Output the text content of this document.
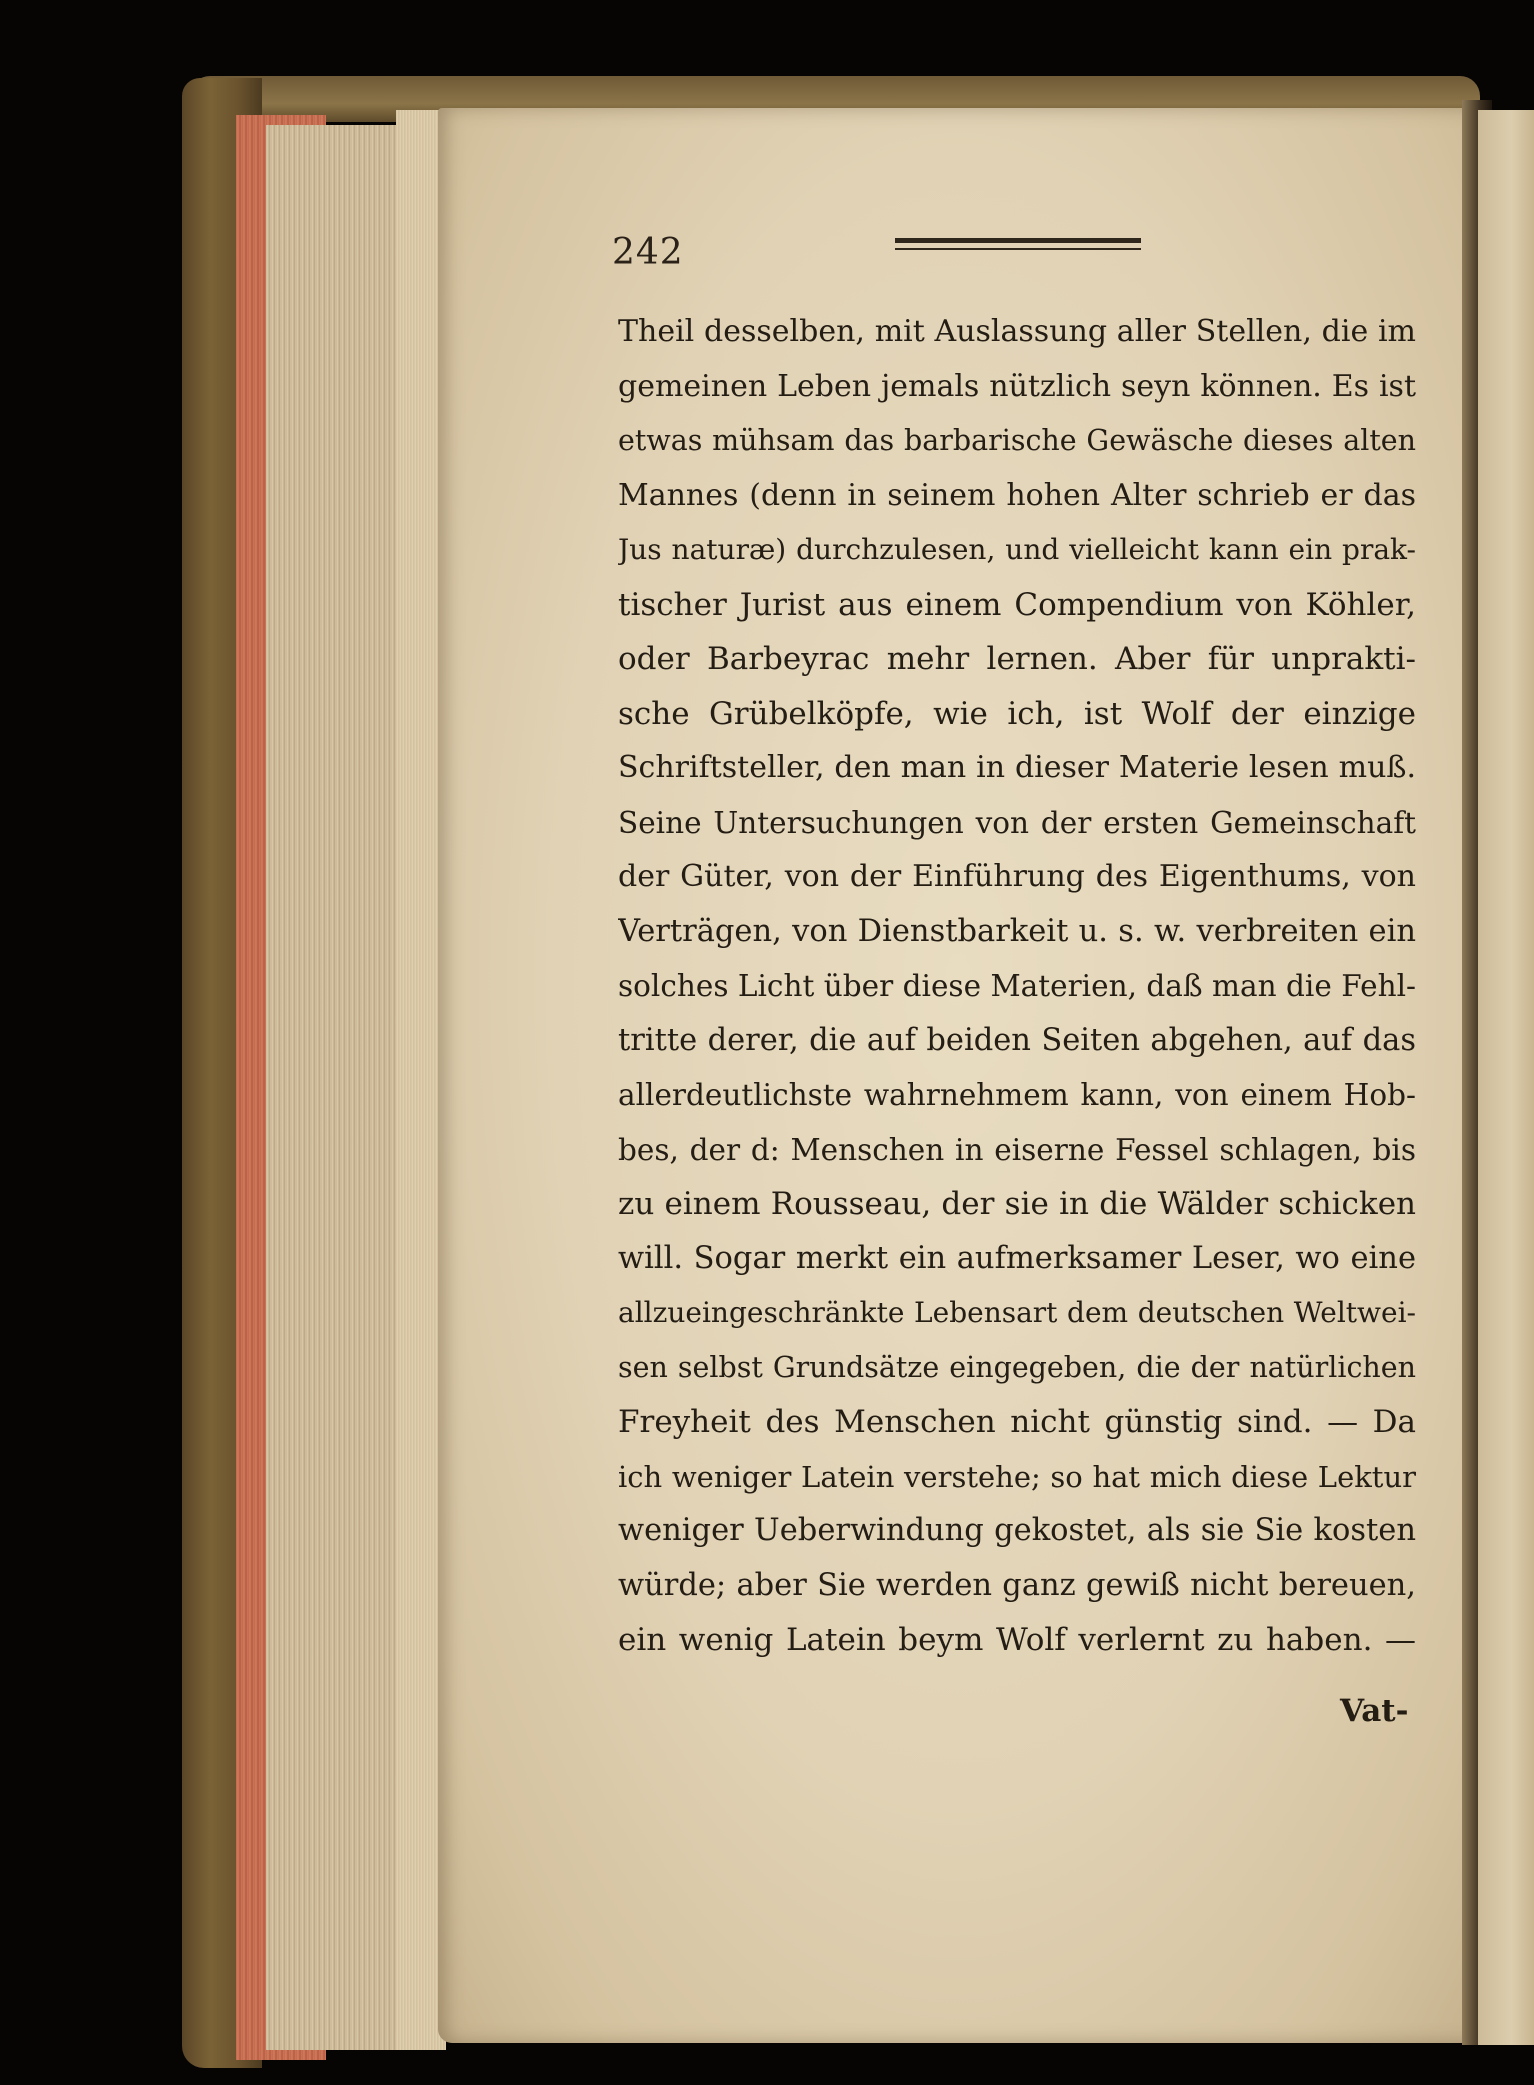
242
Theil desselben, mit Auslassung aller Stellen, die im
gemeinen Leben jemals nützlich seyn können. Es ist
etwas mühsam das barbarische Gewäsche dieses alten
Mannes (denn in seinem hohen Alter schrieb er das
Jus naturæ) durchzulesen, und vielleicht kann ein prak-
tischer Jurist aus einem Compendium von Köhler,
oder Barbeyrac mehr lernen. Aber für unprakti-
sche Grübelköpfe, wie ich, ist Wolf der einzige
Schriftsteller, den man in dieser Materie lesen muß.
Seine Untersuchungen von der ersten Gemeinschaft
der Güter, von der Einführung des Eigenthums, von
Verträgen, von Dienstbarkeit u. s. w. verbreiten ein
solches Licht über diese Materien, daß man die Fehl-
tritte derer, die auf beiden Seiten abgehen, auf das
allerdeutlichste wahrnehmem kann, von einem Hob-
bes, der d: Menschen in eiserne Fessel schlagen, bis
zu einem Rousseau, der sie in die Wälder schicken
will. Sogar merkt ein aufmerksamer Leser, wo eine
allzueingeschränkte Lebensart dem deutschen Weltwei-
sen selbst Grundsätze eingegeben, die der natürlichen
Freyheit des Menschen nicht günstig sind. — Da
ich weniger Latein verstehe; so hat mich diese Lektur
weniger Ueberwindung gekostet, als sie Sie kosten
würde; aber Sie werden ganz gewiß nicht bereuen,
ein wenig Latein beym Wolf verlernt zu haben. —
Vat-
